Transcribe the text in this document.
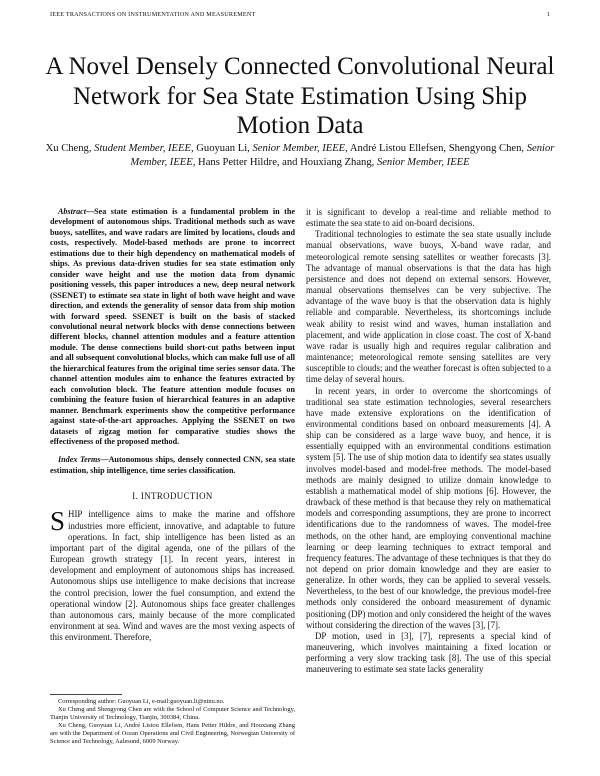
IEEE TRANSACTIONS ON INSTRUMENTATION AND MEASUREMENT	1
A Novel Densely Connected Convolutional Neural Network for Sea State Estimation Using Ship Motion Data
Xu Cheng, Student Member, IEEE, Guoyuan Li, Senior Member, IEEE, André Listou Ellefsen, Shengyong Chen, Senior Member, IEEE, Hans Petter Hildre, and Houxiang Zhang, Senior Member, IEEE

Abstract—Sea state estimation is a fundamental problem in the development of autonomous ships. Traditional methods such as wave buoys, satellites, and wave radars are limited by locations, clouds and costs, respectively. Model-based methods are prone to incorrect estimations due to their high dependency on mathematical models of ships. As previous data-driven studies for sea state estimation only consider wave height and use the motion data from dynamic positioning vessels, this paper introduces a new, deep neural network (SSENET) to estimate sea state in light of both wave height and wave direction, and extends the generality of sensor data from ship motion with forward speed. SSENET is built on the basis of stacked convolutional neural network blocks with dense connections between different blocks, channel attention modules and a feature attention module. The dense connections build short-cut paths between input and all subsequent convolutional blocks, which can make full use of all the hierarchical features from the original time series sensor data. The channel attention modules aim to enhance the features extracted by each convolution block. The feature attention module focuses on combining the feature fusion of hierarchical features in an adaptive manner. Benchmark experiments show the competitive performance against state-of-the-art approaches. Applying the SSENET on two datasets of zigzag motion for comparative studies shows the effectiveness of the proposed method.

Index Terms—Autonomous ships, densely connected CNN, sea state estimation, ship intelligence, time series classification.

I. INTRODUCTION

SHIP intelligence aims to make the marine and offshore industries more efficient, innovative, and adaptable to future operations. In fact, ship intelligence has been listed as an important part of the digital agenda, one of the pillars of the European growth strategy [1]. In recent years, interest in development and employment of autonomous ships has increased. Autonomous ships use intelligence to make decisions that increase the control precision, lower the fuel consumption, and extend the operational window [2]. Autonomous ships face greater challenges than autonomous cars, mainly because of the more complicated environment at sea. Wind and waves are the most vexing aspects of this environment. Therefore,

Corresponding author: Guoyuan Li, e-mail:guoyuan.li@ntnu.no.

Xu Cheng and Shengyong Chen are with the School of Computer Science and Technology, Tianjin University of Technology, Tianjin, 300384, China.

Xu Cheng, Guoyuan Li, André Listou Ellefsen, Hans Petter Hildre, and Houxiang Zhang are with the Department of Ocean Operations and Civil Engineering, Norwegian University of Science and Technology, Aalesund, 6009 Norway.

it is significant to develop a real-time and reliable method to estimate the sea state to aid on-board decisions.

Traditional technologies to estimate the sea state usually include manual observations, wave buoys, X-band wave radar, and meteorological remote sensing satellites or weather forecasts [3]. The advantage of manual observations is that the data has high persistence and does not depend on external sensors. However, manual observations themselves can be very subjective. The advantage of the wave buoy is that the observation data is highly reliable and comparable. Nevertheless, its shortcomings include weak ability to resist wind and waves, human installation and placement, and wide application in close coast. The cost of X-band wave radar is usually high and requires regular calibration and maintenance; meteorological remote sensing satellites are very susceptible to clouds; and the weather forecast is often subjected to a time delay of several hours.

In recent years, in order to overcome the shortcomings of traditional sea state estimation technologies, several researchers have made extensive explorations on the identification of environmental conditions based on onboard measurements [4]. A ship can be considered as a large wave buoy, and hence, it is essentially equipped with an environmental conditions estimation system [5]. The use of ship motion data to identify sea states usually involves model-based and model-free methods. The model-based methods are mainly designed to utilize domain knowledge to establish a mathematical model of ship motions [6]. However, the drawback of these method is that because they rely on mathematical models and corresponding assumptions, they are prone to incorrect identifications due to the randomness of waves. The model-free methods, on the other hand, are employing conventional machine learning or deep learning techniques to extract temporal and frequency features. The advantage of these techniques is that they do not depend on prior domain knowledge and they are easier to generalize. In other words, they can be applied to several vessels. Nevertheless, to the best of our knowledge, the previous model-free methods only considered the onboard measurement of dynamic positioning (DP) motion and only considered the height of the waves without considering the direction of the waves [3], [7].

DP motion, used in [3], [7], represents a special kind of maneuvering, which involves maintaining a fixed location or performing a very slow tracking task [8]. The use of this special maneuvering to estimate sea state lacks generality
